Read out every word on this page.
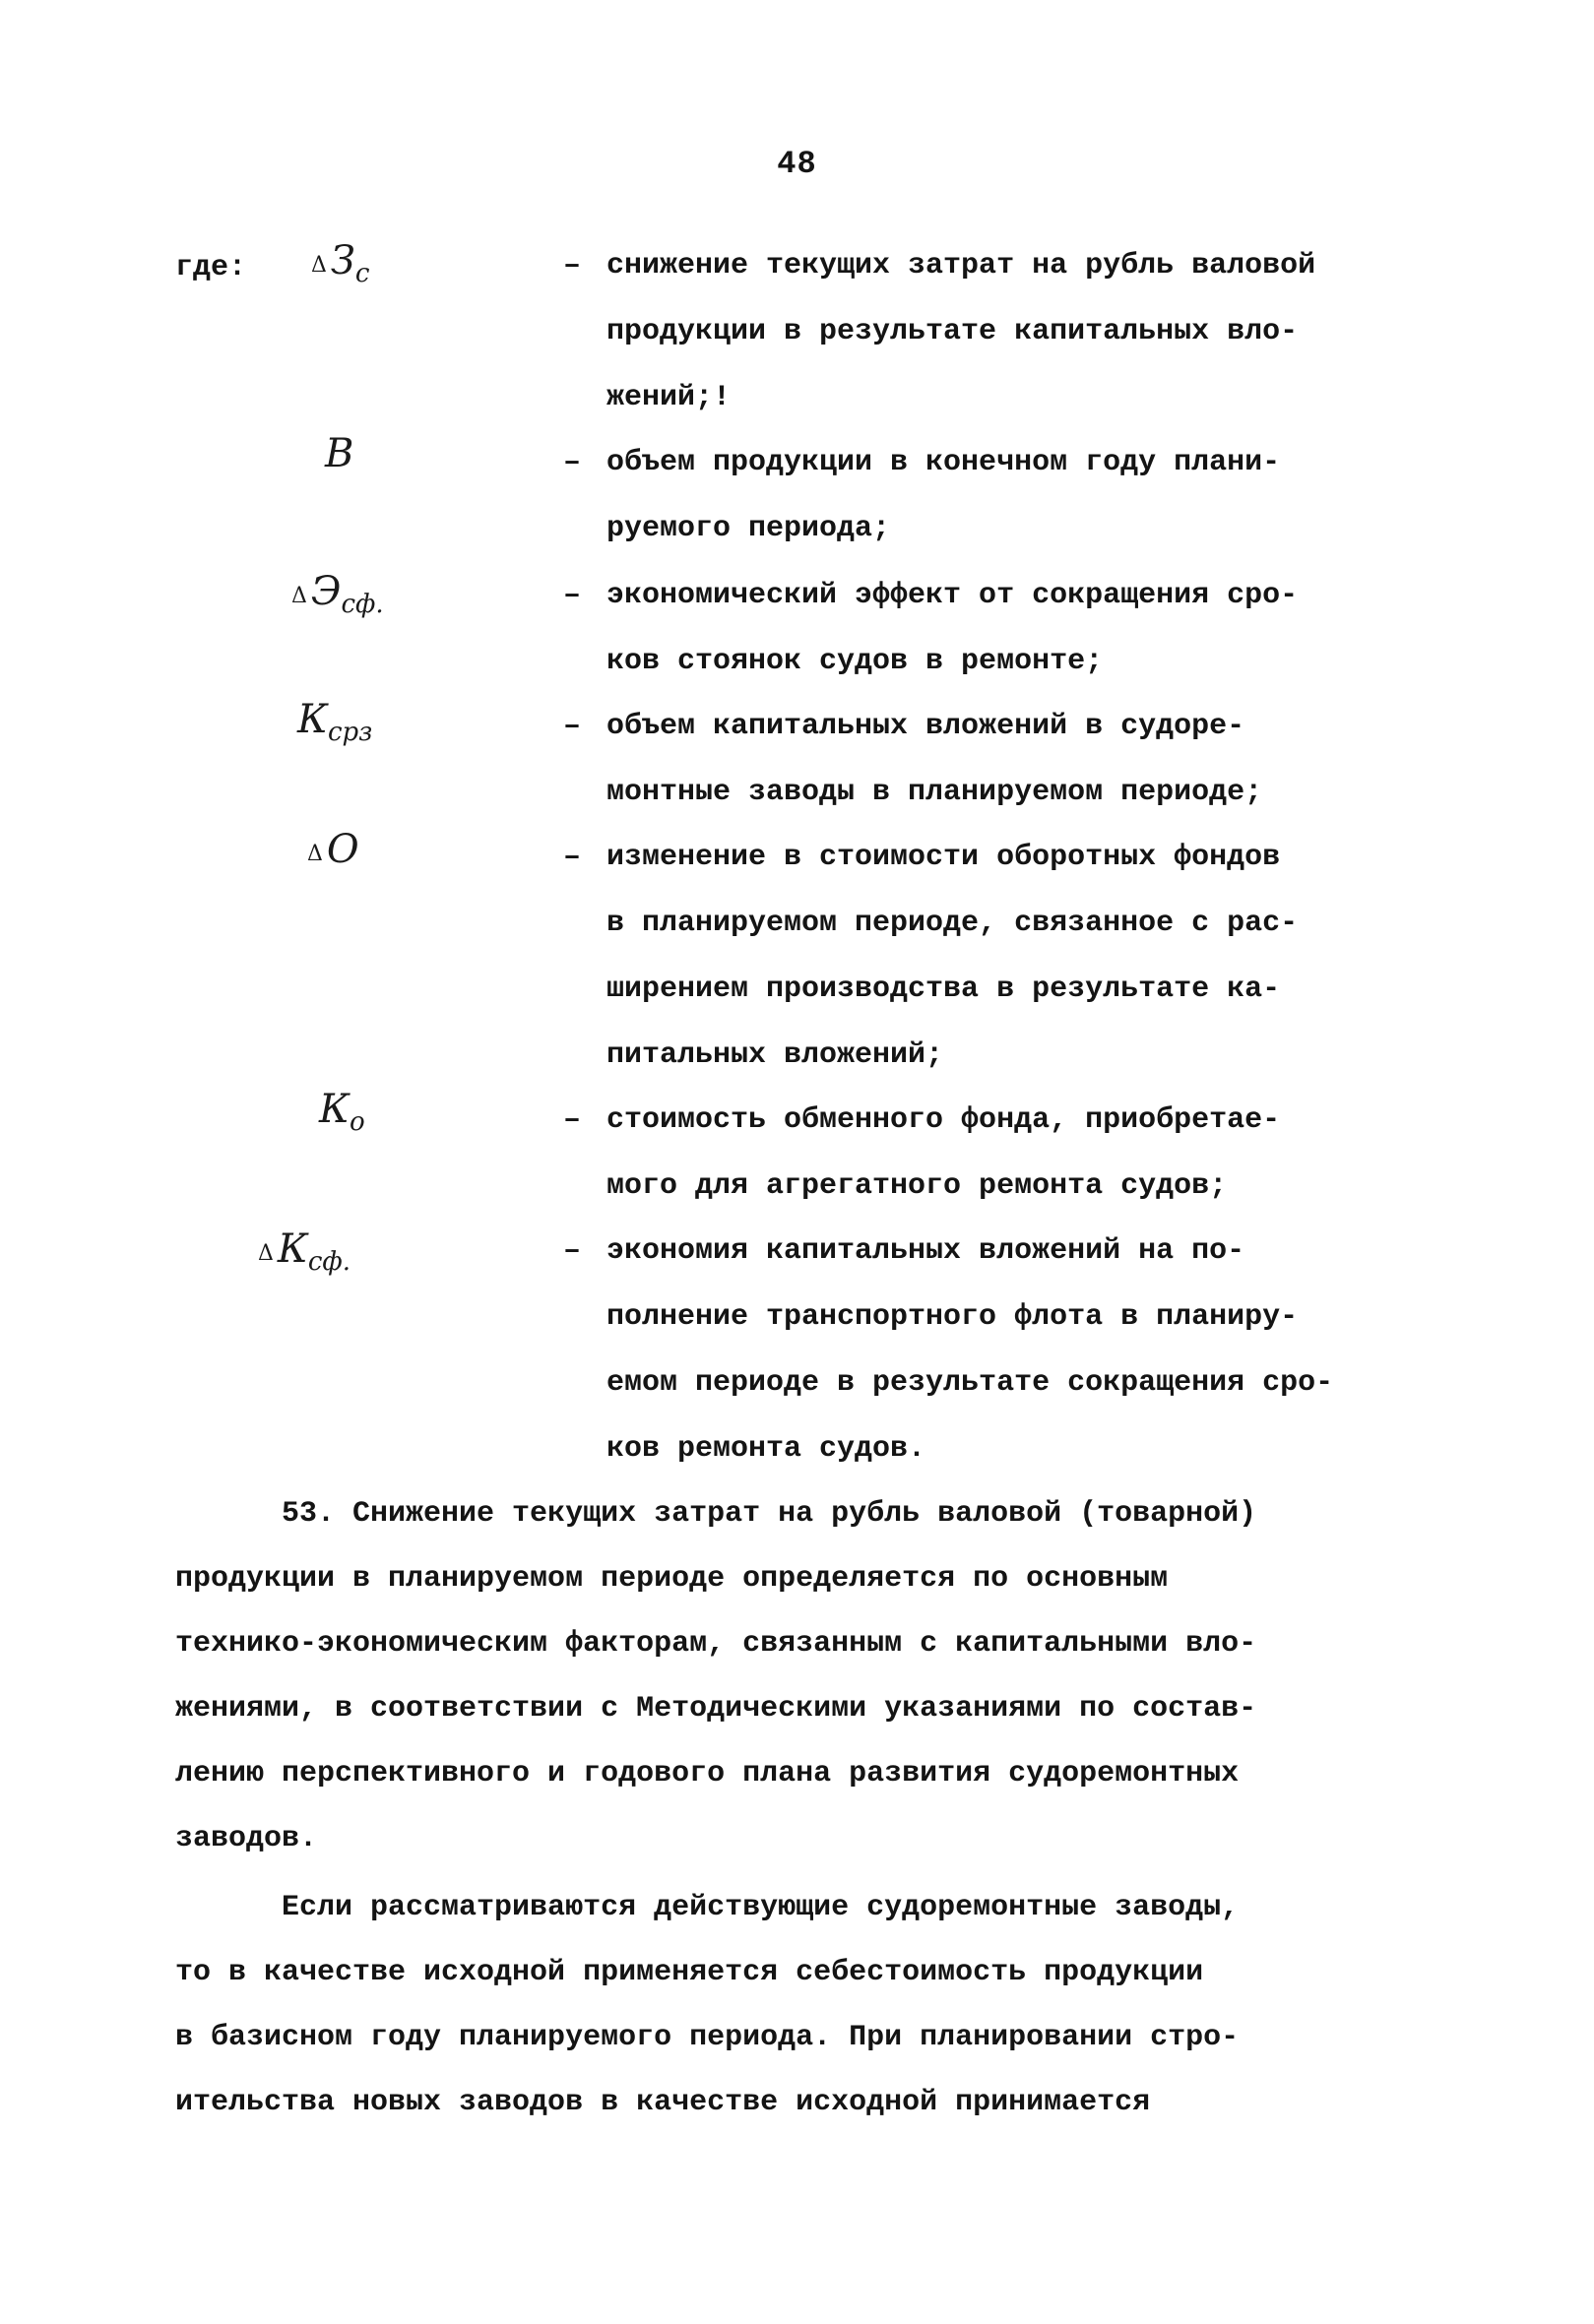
48
где:	Δ $З_с$	– снижение текущих затрат на рубль валовой
продукции в результате капитальных вло-
жений;!
В	– объем продукции в конечном году плани-
руемого периода;
Δ $Э_{сф.}$	– экономический эффект от сокращения сро-
ков стоянок судов в ремонте;
$К_{срз}$	– объем капитальных вложений в судоре-
монтные заводы в планируемом периоде;
Δ О	– изменение в стоимости оборотных фондов
в планируемом периоде, связанное с рас-
ширением производства в результате ка-
питальных вложений;
$К_о$	– стоимость обменного фонда, приобретае-
мого для агрегатного ремонта судов;
Δ $К_{сф.}$	– экономия капитальных вложений на по-
полнение транспортного флота в планиру-
емом периоде в результате сокращения сро-
ков ремонта судов.
53. Снижение текущих затрат на рубль валовой (товарной)
продукции в планируемом периоде определяется по основным
технико-экономическим факторам, связанным с капитальными вло-
жениями, в соответствии с Методическими указаниями по состав-
лению перспективного и годового плана развития судоремонтных
заводов.
Если рассматриваются действующие судоремонтные заводы,
то в качестве исходной применяется себестоимость продукции
в базисном году планируемого периода. При планировании стро-
ительства новых заводов в качестве исходной принимается
